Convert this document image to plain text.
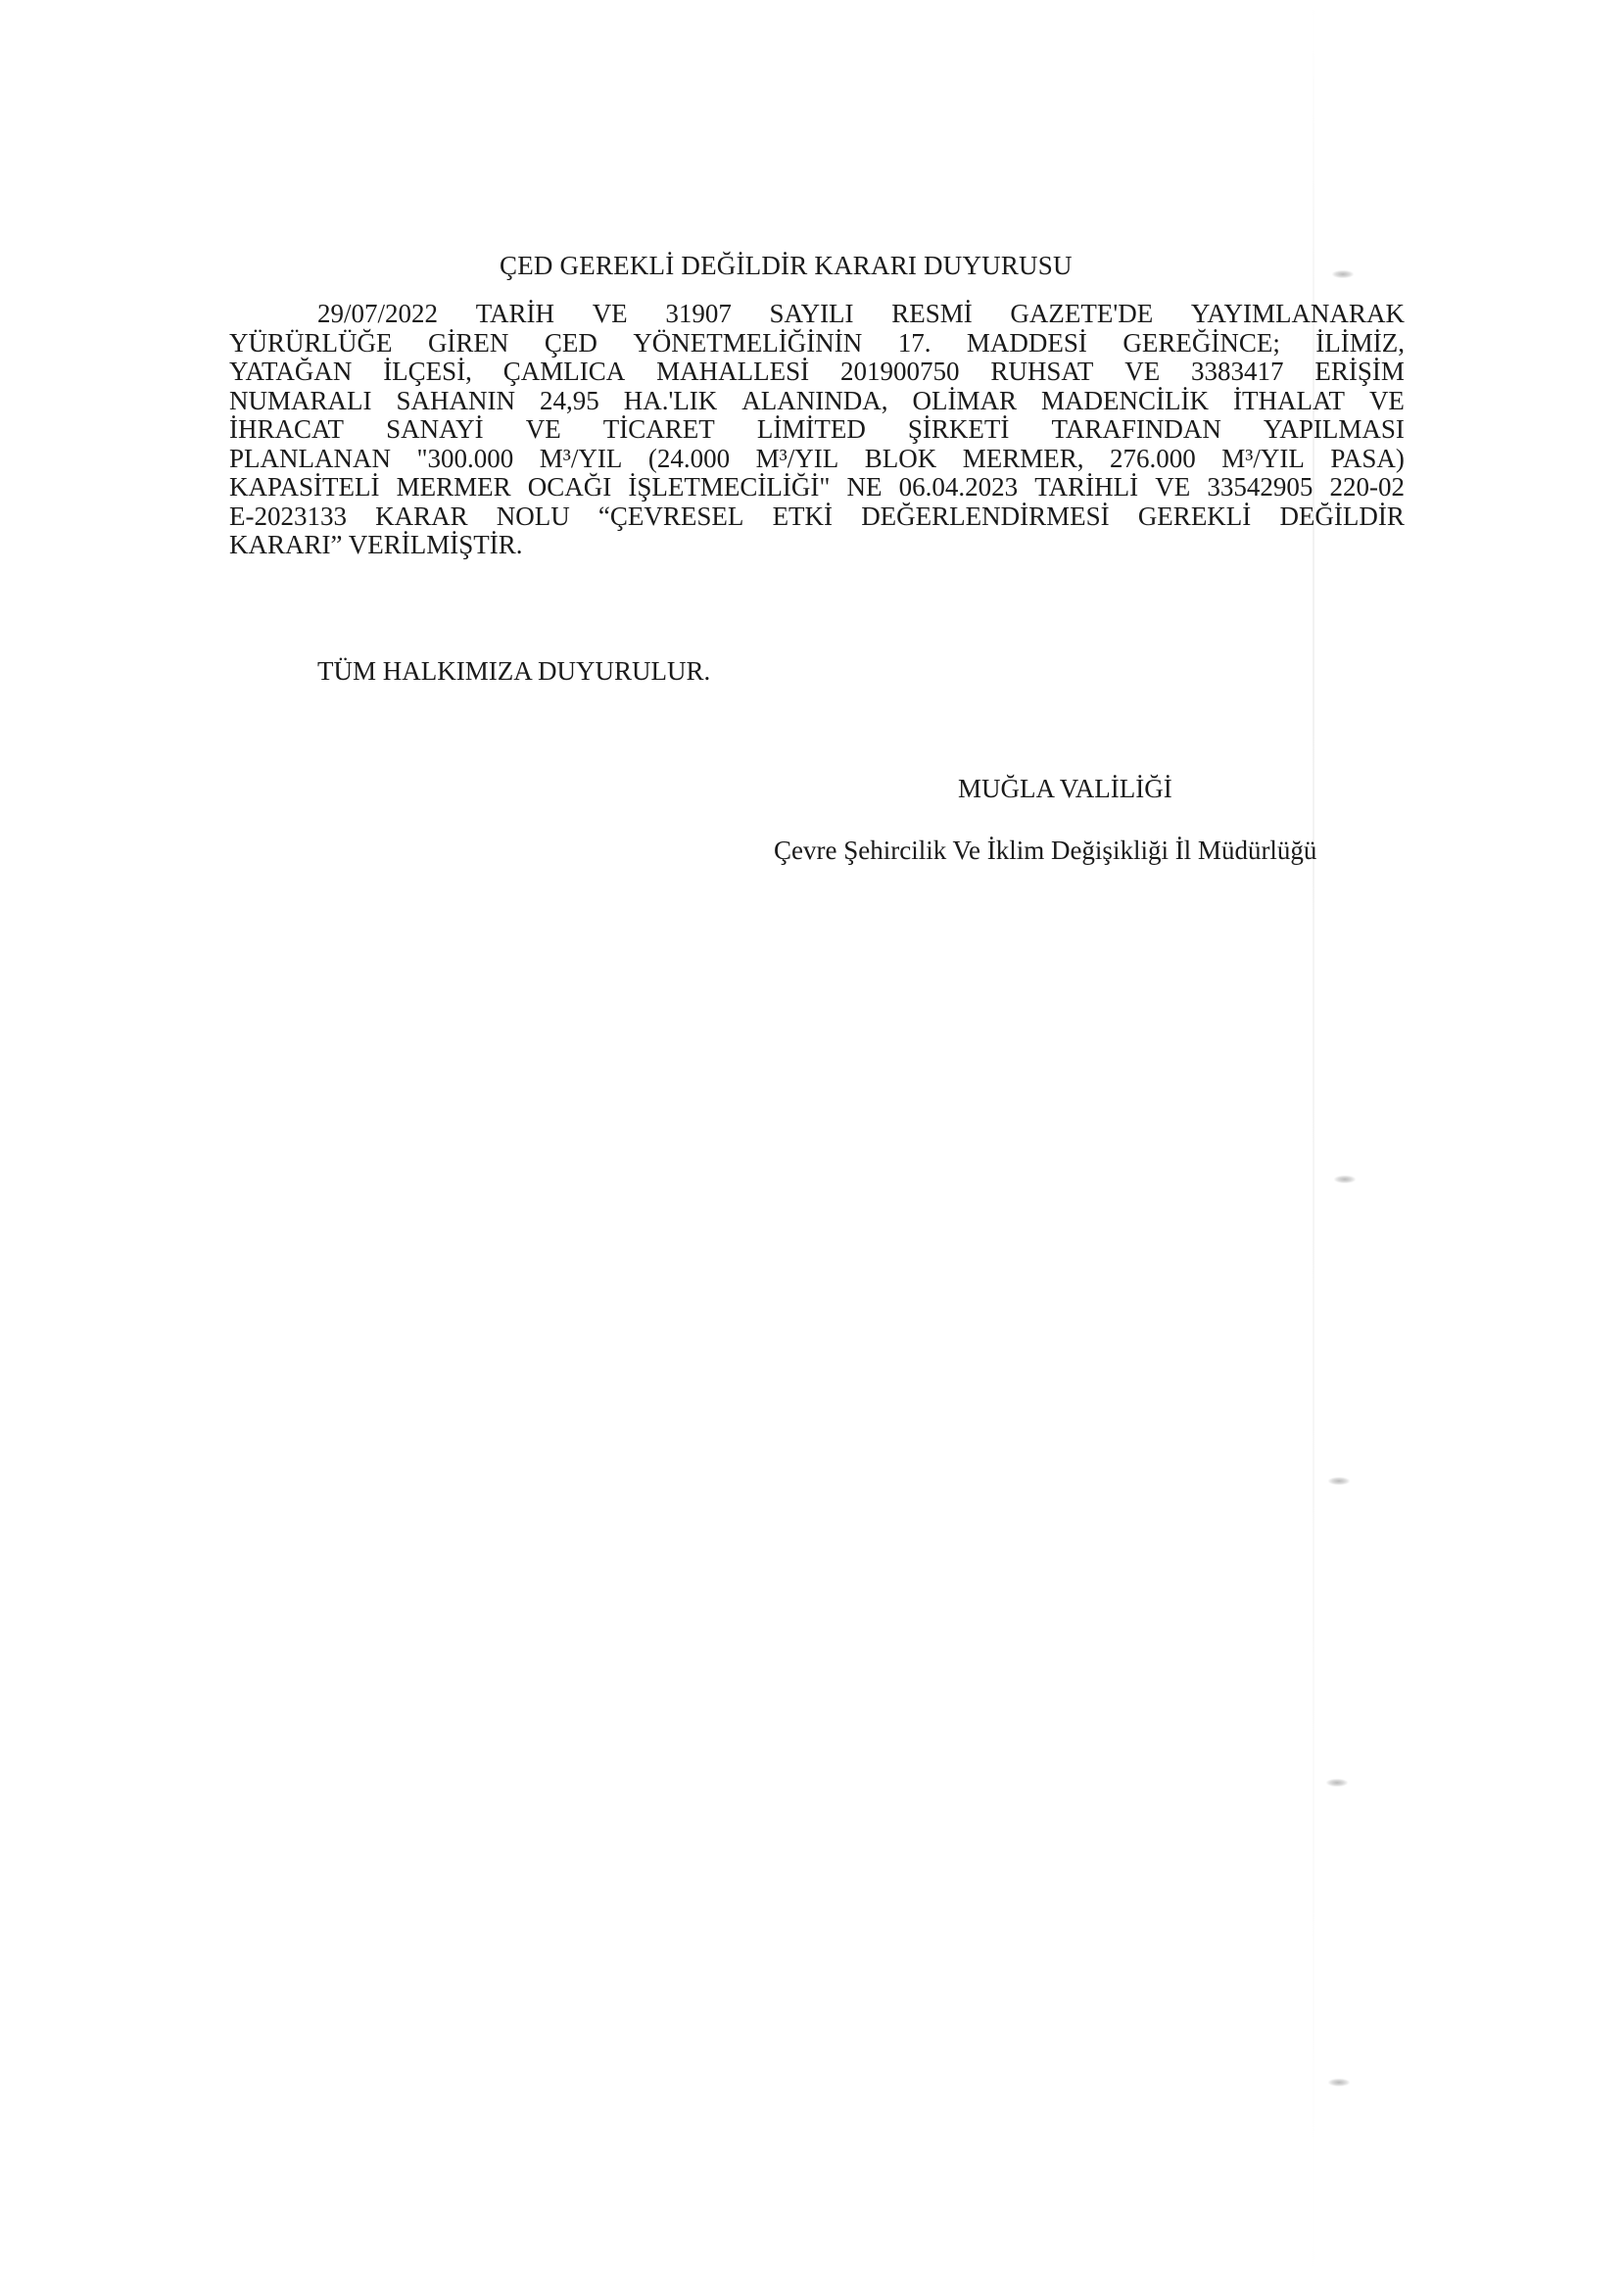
ÇED GEREKLİ DEĞİLDİR KARARI DUYURUSU
29/07/2022 TARİH VE 31907 SAYILI RESMİ GAZETE'DE YAYIMLANARAK
YÜRÜRLÜĞE GİREN ÇED YÖNETMELİĞİNİN 17. MADDESİ GEREĞİNCE; İLİMİZ,
YATAĞAN İLÇESİ, ÇAMLICA MAHALLESİ 201900750 RUHSAT VE 3383417 ERİŞİM
NUMARALI SAHANIN 24,95 HA.'LIK ALANINDA, OLİMAR MADENCİLİK İTHALAT VE
İHRACAT SANAYİ VE TİCARET LİMİTED ŞİRKETİ TARAFINDAN YAPILMASI
PLANLANAN "300.000 M³/YIL (24.000 M³/YIL BLOK MERMER, 276.000 M³/YIL PASA)
KAPASİTELİ MERMER OCAĞI İŞLETMECİLİĞİ" NE 06.04.2023 TARİHLİ VE 33542905 220-02
E-2023133 KARAR NOLU “ÇEVRESEL ETKİ DEĞERLENDİRMESİ GEREKLİ DEĞİLDİR
KARARI” VERİLMİŞTİR.
TÜM HALKIMIZA DUYURULUR.
MUĞLA VALİLİĞİ
Çevre Şehircilik Ve İklim Değişikliği İl Müdürlüğü
